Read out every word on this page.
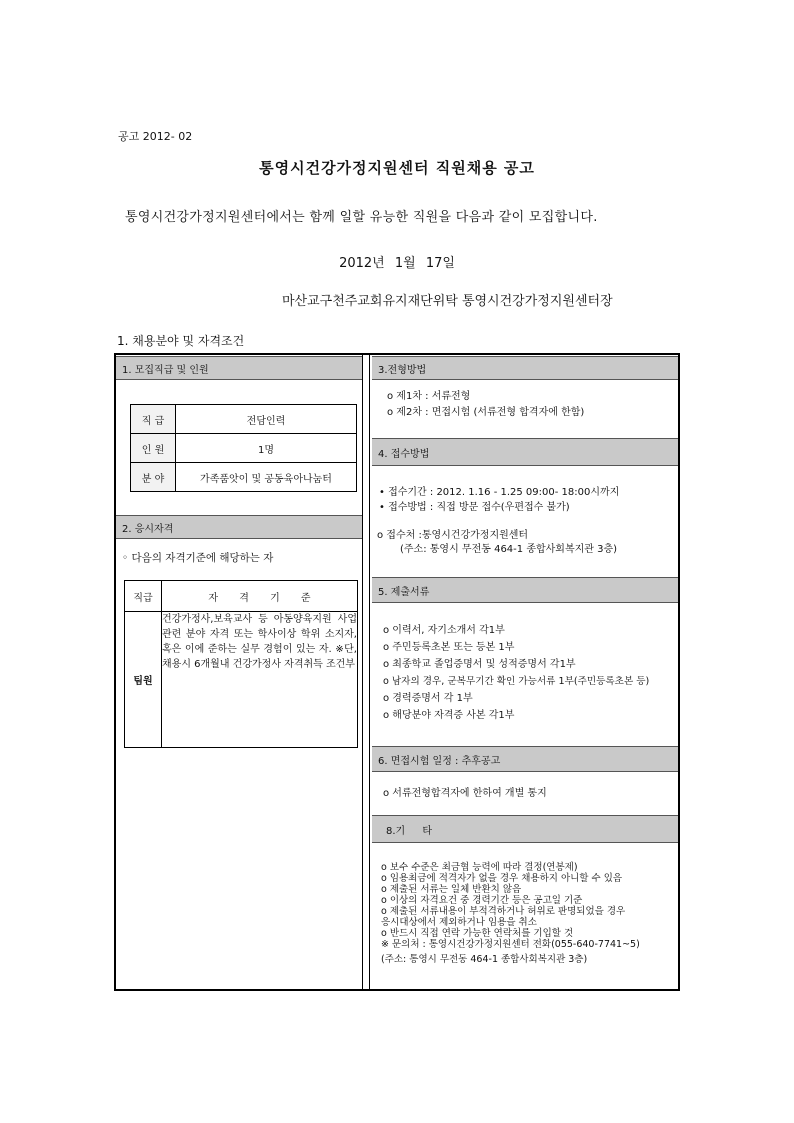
공고 2012- 02
통영시건강가정지원센터 직원채용 공고
통영시건강가정지원센터에서는 함께 일할 유능한 직원을 다음과 같이 모집합니다.
2012년 1월 17일
마산교구천주교회유지재단위탁 통영시건강가정지원센터장
1. 채용분야 및 자격조건
1. 모집직급 및 인원
직 급	전담인력
인 원	1명
분 야	가족품앗이 및 공동육아나눔터
2. 응시자격
◦ 다음의 자격기준에 해당하는 자
직급	자 격 기 준
팀원	건강가정사,보육교사 등 아동양육지원 사업 관련 분야 자격 또는 학사이상 학위 소지자, 혹은 이에 준하는 실무 경험이 있는 자. ※단, 채용시 6개월내 건강가정사 자격취득 조건부
3.전형방법
o 제1차 : 서류전형
o 제2차 : 면접시험 (서류전형 합격자에 한함)
4. 접수방법
• 접수기간 : 2012. 1.16 - 1.25 09:00- 18:00시까지
• 접수방법 : 직접 방문 접수(우편접수 불가)
o 접수처 :통영시건강가정지원센터
(주소: 통영시 무전동 464-1 종합사회복지관 3층)
5. 제출서류
o 이력서, 자기소개서 각1부
o 주민등록초본 또는 등본 1부
o 최종학교 졸업증명서 및 성적증명서 각1부
o 남자의 경우, 군복무기간 확인 가능서류 1부(주민등록초본 등)
o 경력증명서 각 1부
o 해당분야 자격증 사본 각1부
6. 면접시험 일정 : 추후공고
o 서류전형합격자에 한하여 개별 통지
8.기 타
o 보수 수준은 최금협 능력에 따라 결정(연봉제)
o 임용최금에 적격자가 없을 경우 채용하지 아니할 수 있음
o 제출된 서류는 일체 반환치 않음
o 이상의 자격요건 중 경력기간 등은 공고일 기준
o 제출된 서류내용이 부적격하거나 허위로 판명되었을 경우
응시대상에서 제외하거나 임용을 취소
o 반드시 직접 연락 가능한 연락처를 기입할 것
※ 문의처 : 통영시건강가정지원센터 전화(055-640-7741~5)
(주소: 통영시 무전동 464-1 종합사회복지관 3층)
